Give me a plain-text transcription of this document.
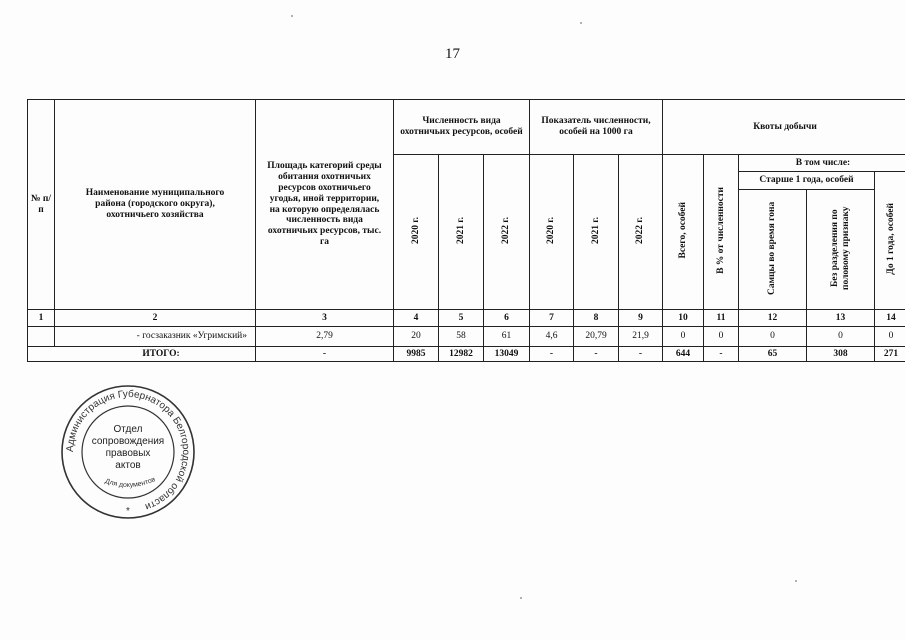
17
№ п/п	Наименование муниципального района (городского округа), охотничьего хозяйства	Площадь категорий среды обитания охотничьих ресурсов охотничьего угодья, иной территории, на которую определялась численность вида охотничьих ресурсов, тыс. га	Численность вида охотничьих ресурсов, особей			Показатель численности, особей на 1000 га			Квоты добычи				
			2020 г.	2021 г.	2022 г.	2020 г.	2021 г.	2022 г.	Всего, особей	В % от численности	В том числе:		
											Старше 1 года, особей		До 1 года, особей
											Самцы во время гона	Без разделения по половому признаку	
1	2	3	4	5	6	7	8	9	10	11	12	13	14
	- госзаказник «Угримский»	2,79	20	58	61	4,6	20,79	21,9	0	0	0	0	0
ИТОГО:		-	9985	12982	13049	-	-	-	644	-	65	308	271
Администрация Губернатора Белгородской области
Отдел
сопровождения
правовых
актов
Для документов
*
